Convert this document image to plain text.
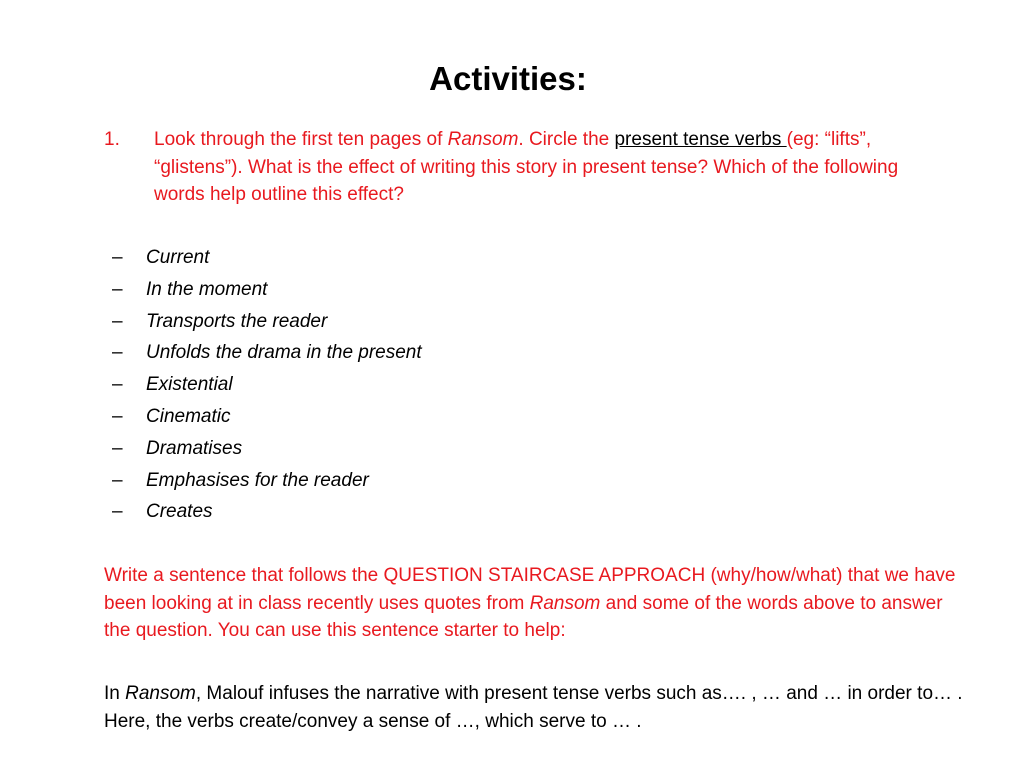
Activities:
1. Look through the first ten pages of Ransom. Circle the present tense verbs (eg: “lifts”, “glistens”). What is the effect of writing this story in present tense? Which of the following words help outline this effect?
– Current
– In the moment
– Transports the reader
– Unfolds the drama in the present
– Existential
– Cinematic
– Dramatises
– Emphasises for the reader
– Creates
Write a sentence that follows the QUESTION STAIRCASE APPROACH (why/how/what) that we have been looking at in class recently uses quotes from Ransom and some of the words above to answer the question. You can use this sentence starter to help:
In Ransom, Malouf infuses the narrative with present tense verbs such as…. , … and … in order to… . Here, the verbs create/convey a sense of …, which serve to … .
